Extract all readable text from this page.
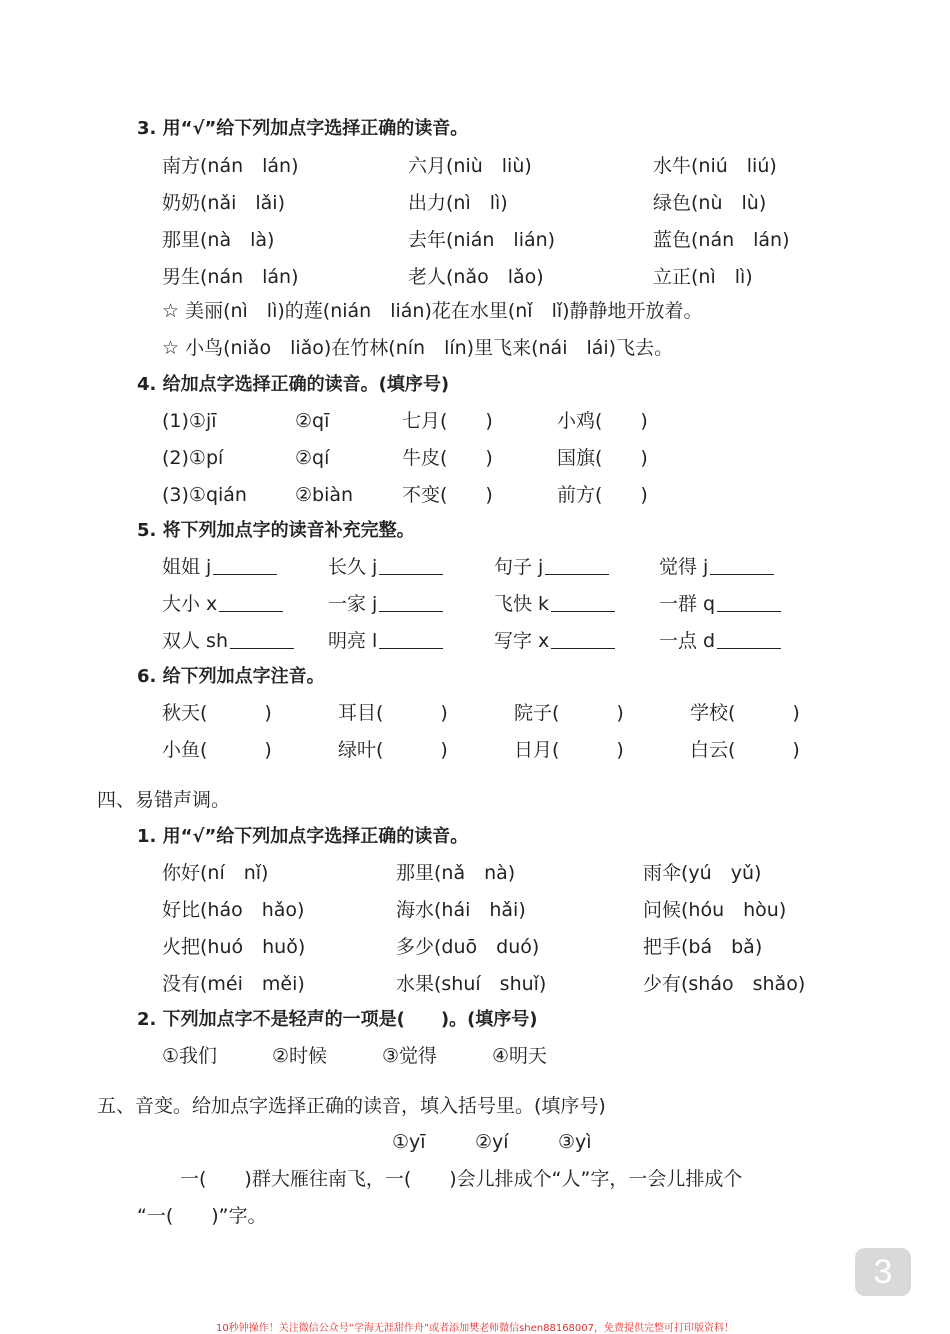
3. 用“√”给下列加点字选择正确的读音。
南方(nán　lán)	六月(niù　liù)	水牛(niú　liú)
奶奶(nǎi　lǎi)	出力(nì　lì)	绿色(nù　lù)
那里(nà　là)	去年(nián　lián)	蓝色(nán　lán)
男生(nán　lán)	老人(nǎo　lǎo)	立正(nì　lì)
☆ 美丽(nì　lì)的莲(nián　lián)花在水里(nǐ　lǐ)静静地开放着。
☆ 小鸟(niǎo　liǎo)在竹林(nín　lín)里飞来(nái　lái)飞去。
4. 给加点字选择正确的读音。(填序号)
(1)①jī	②qī	七月(　　)	小鸡(　　)
(2)①pí	②qí	牛皮(　　)	国旗(　　)
(3)①qián	②biàn	不变(　　)	前方(　　)
5. 将下列加点字的读音补充完整。
姐姐 j	长久 j	句子 j	觉得 j
大小 x	一家 j	飞快 k	一群 q
双人 sh	明亮 l	写字 x	一点 d
6. 给下列加点字注音。
秋天(　　　)	耳目(　　　)	院子(　　　)	学校(　　　)
小鱼(　　　)	绿叶(　　　)	日月(　　　)	白云(　　　)
四、易错声调。
1. 用“√”给下列加点字选择正确的读音。
你好(ní　nǐ)	那里(nǎ　nà)	雨伞(yú　yǔ)
好比(háo　hǎo)	海水(hái　hǎi)	问候(hóu　hòu)
火把(huó　huǒ)	多少(duō　duó)	把手(bá　bǎ)
没有(méi　měi)	水果(shuí　shuǐ)	少有(sháo　shǎo)
2. 下列加点字不是轻声的一项是(　　)。(填序号)
①我们	②时候	③觉得	④明天
五、音变。给加点字选择正确的读音，填入括号里。(填序号)
①yī	②yí	③yì
一(　　)群大雁往南飞，一(　　)会儿排成个“人”字，一会儿排成个
“一(　　)”字。
3
10秒钟操作！关注微信公众号“学海无涯甜作舟”或者添加樊老师微信shen88168007，免费提供完整可打印版资料！
